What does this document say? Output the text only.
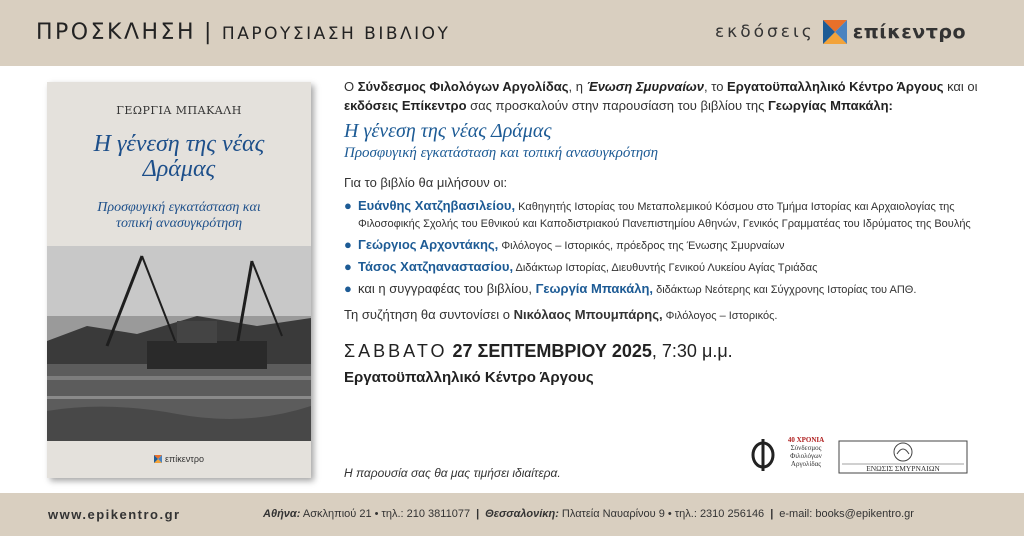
ΠΡΟΣΚΛΗΣΗ | ΠΑΡΟΥΣΙΑΣΗ ΒΙΒΛΙΟΥ	εκδόσεις επίκεντρο
ΓΕΩΡΓΙΑ ΜΠΑΚΑΛΗ
Η γένεση της νέας Δράμας
Προσφυγική εγκατάσταση και τοπική ανασυγκρότηση
επίκεντρο

Ο Σύνδεσμος Φιλολόγων Αργολίδας, η Ένωση Σμυρναίων, το Εργατοϋπαλληλικό Κέντρο Άργους και οι εκδόσεις Επίκεντρο σας προσκαλούν στην παρουσίαση του βιβλίου της Γεωργίας Μπακάλη:

Η γένεση της νέας Δράμας
Προσφυγική εγκατάσταση και τοπική ανασυγκρότηση

Για το βιβλίο θα μιλήσουν οι:

● Ευάνθης Χατζηβασιλείου, Καθηγητής Ιστορίας του Μεταπολεμικού Κόσμου στο Τμήμα Ιστορίας και Αρχαιολογίας της Φιλοσοφικής Σχολής του Εθνικού και Καποδιστριακού Πανεπιστημίου Αθηνών, Γενικός Γραμματέας του Ιδρύματος της Βουλής
● Γεώργιος Αρχοντάκης, Φιλόλογος – Ιστορικός, πρόεδρος της Ένωσης Σμυρναίων
● Τάσος Χατζηαναστασίου, Διδάκτωρ Ιστορίας, Διευθυντής Γενικού Λυκείου Αγίας Τριάδας
● και η συγγραφέας του βιβλίου, Γεωργία Μπακάλη, διδάκτωρ Νεότερης και Σύγχρονης Ιστορίας του ΑΠΘ.

Τη συζήτηση θα συντονίσει ο Νικόλαος Μπουμπάρης, Φιλόλογος – Ιστορικός.

ΣΑΒΒΑΤΟ 27 ΣΕΠΤΕΜΒΡΙΟΥ 2025, 7:30 μ.μ.
Εργατοϋπαλληλικό Κέντρο Άργους
Η παρουσία σας θα μας τιμήσει ιδιαίτερα.
40 ΧΡΟΝΙΑ
Σύνδεσμος Φιλολόγων Αργολίδας	ΕΝΩΣΙΣ ΣΜΥΡΝΑΙΩΝ
www.epikentro.gr	Αθήνα: Ασκληπιού 21 • τηλ.: 210 3811077 | Θεσσαλονίκη: Πλατεία Ναυαρίνου 9 • τηλ.: 2310 256146 | e-mail: books@epikentro.gr
